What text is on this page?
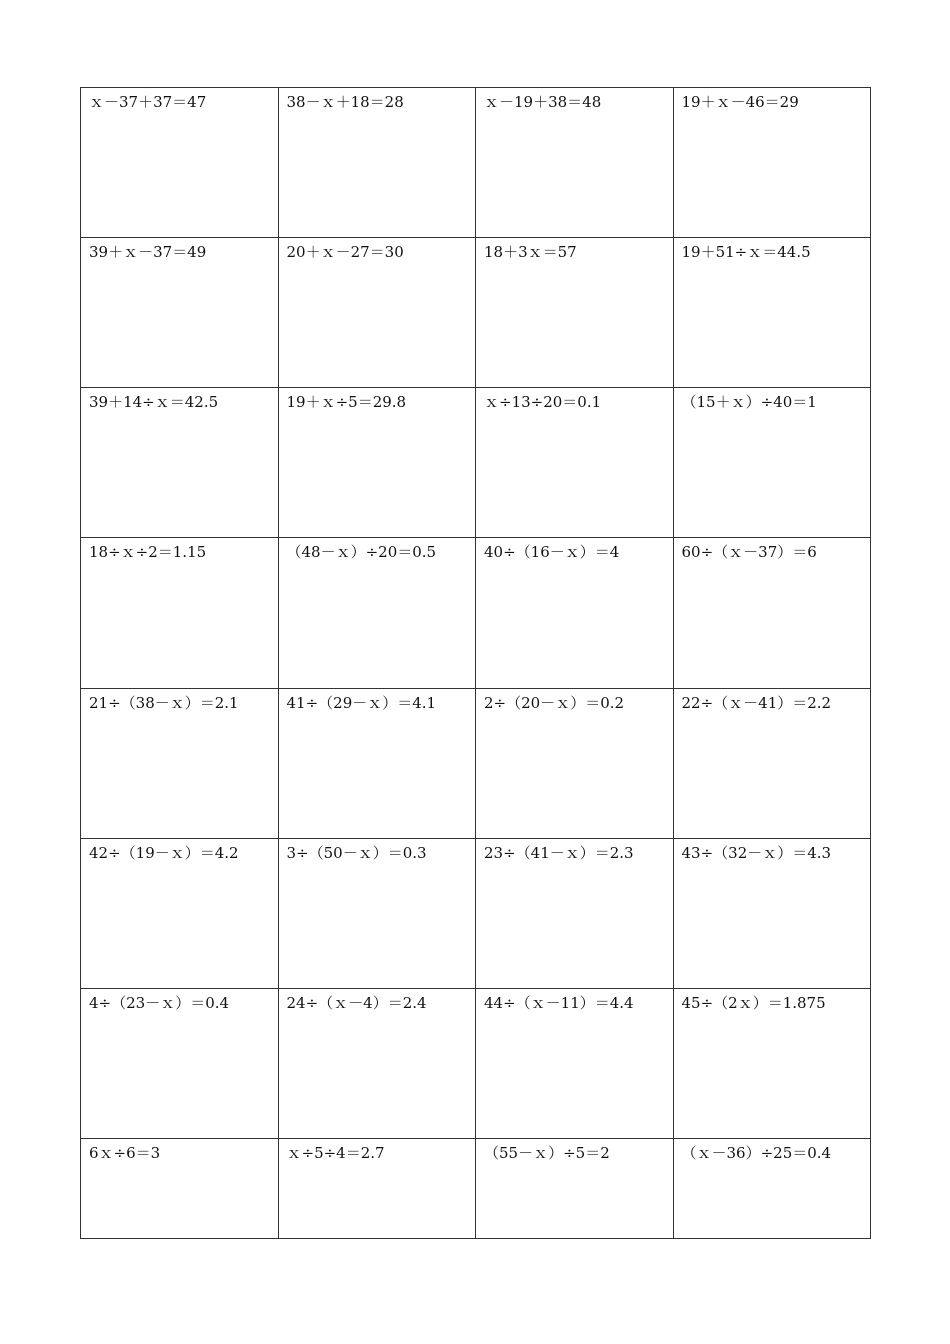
ｘ－37＋37＝47	38－ｘ＋18＝28	ｘ－19＋38＝48	19＋ｘ－46＝29
39＋ｘ－37＝49	20＋ｘ－27＝30	18＋3ｘ＝57	19＋51÷ｘ＝44.5
39＋14÷ｘ＝42.5	19＋ｘ÷5＝29.8	ｘ÷13÷20＝0.1	（15＋ｘ）÷40＝1
18÷ｘ÷2＝1.15	（48－ｘ）÷20＝0.5	40÷（16－ｘ）＝4	60÷（ｘ－37）＝6
21÷（38－ｘ）＝2.1	41÷（29－ｘ）＝4.1	2÷（20－ｘ）＝0.2	22÷（ｘ－41）＝2.2
42÷（19－ｘ）＝4.2	3÷（50－ｘ）＝0.3	23÷（41－ｘ）＝2.3	43÷（32－ｘ）＝4.3
4÷（23－ｘ）＝0.4	24÷（ｘ－4）＝2.4	44÷（ｘ－11）＝4.4	45÷（2ｘ）＝1.875
6ｘ÷6＝3	ｘ÷5÷4＝2.7	（55－ｘ）÷5＝2	（ｘ－36）÷25＝0.4
